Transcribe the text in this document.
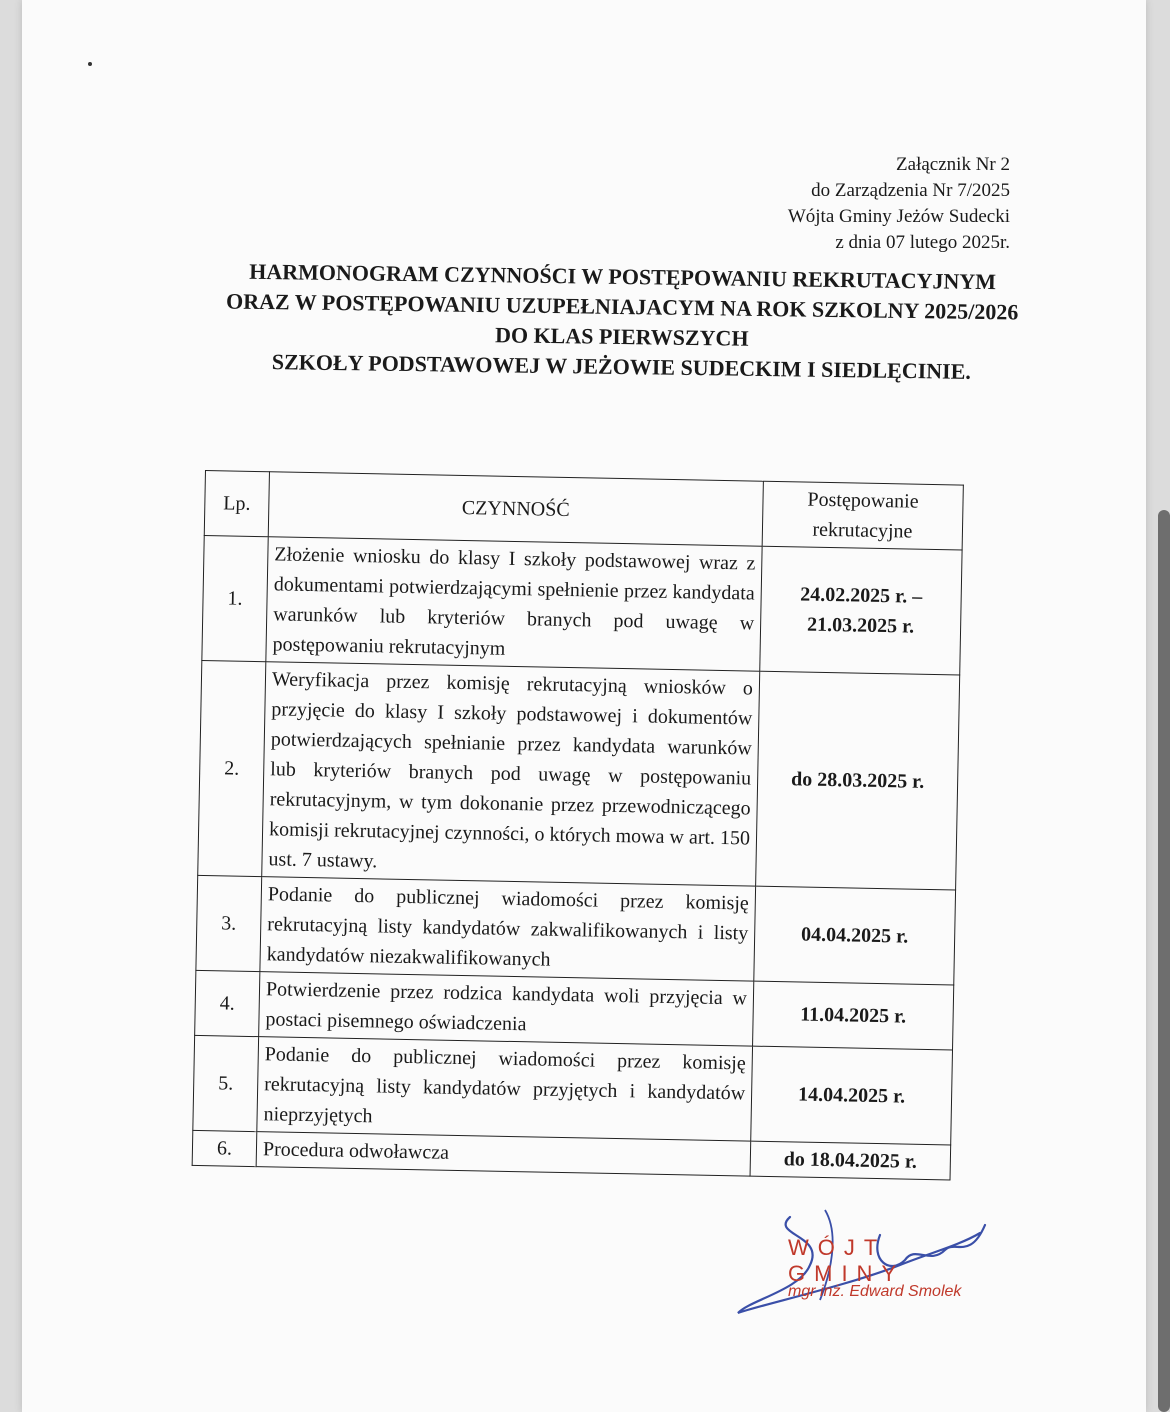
Załącznik Nr 2
do Zarządzenia Nr 7/2025
Wójta Gminy Jeżów Sudecki
z dnia 07 lutego 2025r.
HARMONOGRAM CZYNNOŚCI W POSTĘPOWANIU REKRUTACYJNYM
ORAZ W POSTĘPOWANIU UZUPEŁNIAJACYM NA ROK SZKOLNY 2025/2026
DO KLAS PIERWSZYCH
SZKOŁY PODSTAWOWEJ W JEŻOWIE SUDECKIM I SIEDLĘCINIE.
Lp.	CZYNNOŚĆ	Postępowanie rekrutacyjne
1.	Złożenie wniosku do klasy I szkoły podstawowej wraz z dokumentami potwierdzającymi spełnienie przez kandydata warunków lub kryteriów branych pod uwagę w postępowaniu rekrutacyjnym	24.02.2025 r. – 21.03.2025 r.
2.	Weryfikacja przez komisję rekrutacyjną wniosków o przyjęcie do klasy I szkoły podstawowej i dokumentów potwierdzających spełnianie przez kandydata warunków lub kryteriów branych pod uwagę w postępowaniu rekrutacyjnym, w tym dokonanie przez przewodniczącego komisji rekrutacyjnej czynności, o których mowa w art. 150 ust. 7 ustawy.	do 28.03.2025 r.
3.	Podanie do publicznej wiadomości przez komisję rekrutacyjną listy kandydatów zakwalifikowanych i listy kandydatów niezakwalifikowanych	04.04.2025 r.
4.	Potwierdzenie przez rodzica kandydata woli przyjęcia w postaci pisemnego oświadczenia	11.04.2025 r.
5.	Podanie do publicznej wiadomości przez komisję rekrutacyjną listy kandydatów przyjętych i kandydatów nieprzyjętych	14.04.2025 r.
6.	Procedura odwoławcza	do 18.04.2025 r.
WÓJT GMINY
mgr inż. Edward Smolek
